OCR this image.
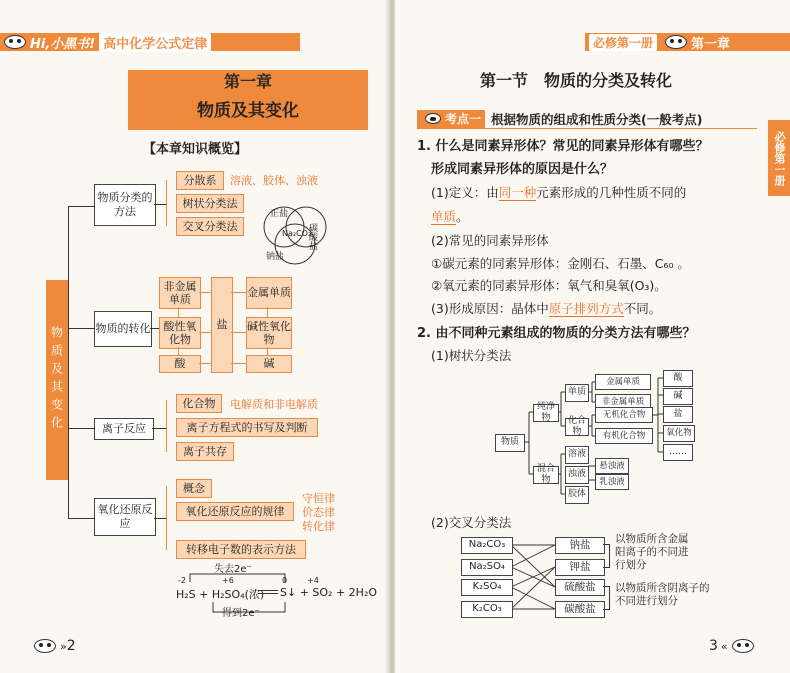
Hi,小黑书! 高中化学公式定律
第一章
物质及其变化
【本章知识概览】
物质及其变化
物质分类的方法
分散系	溶液、胶体、浊液
树状分类法
交叉分类法
正盐
Na₂CO₃
碳酸盐
钠盐
物质的转化
非金属单质
酸性氧化物
酸
盐
金属单质
碱性氧化物
碱
离子反应
化合物	电解质和非电解质
离子方程式的书写及判断
离子共存
氧化还原反应
概念
氧化还原反应的规律
守恒律
价态律
转化律
转移电子数的表示方法
失去2e⁻
-2	+6	0 +4
H₂S + H₂SO₄(浓) S↓ + SO₂ + 2H₂O
得到2e⁻
» 2
必修第一册	第一章
必修第一册
第一节　物质的分类及转化
考点一 根据物质的组成和性质分类(一般考点)
1. 什么是同素异形体？常见的同素异形体有哪些？
形成同素异形体的原因是什么？
(1)定义：由同一种元素形成的几种性质不同的
单质。
(2)常见的同素异形体
①碳元素的同素异形体：金刚石、石墨、C₆₀ 。
②氧元素的同素异形体：氧气和臭氧(O₃)。
(3)形成原因：晶体中原子排列方式不同。
2. 由不同种元素组成的物质的分类方法有哪些？
(1)树状分类法
物质
纯净物
混合物
单质
化合物
金属单质
非金属单质
无机化合物
有机化合物
酸
碱
盐
氧化物
……
溶液
浊液
胶体
悬浊液
乳浊液
(2)交叉分类法
Na₂CO₃
Na₂SO₄
K₂SO₄
K₂CO₃
钠盐
钾盐
硫酸盐
碳酸盐
以物质所含金属阳离子的不同进行划分
以物质所含阴离子的不同进行划分
3 «
